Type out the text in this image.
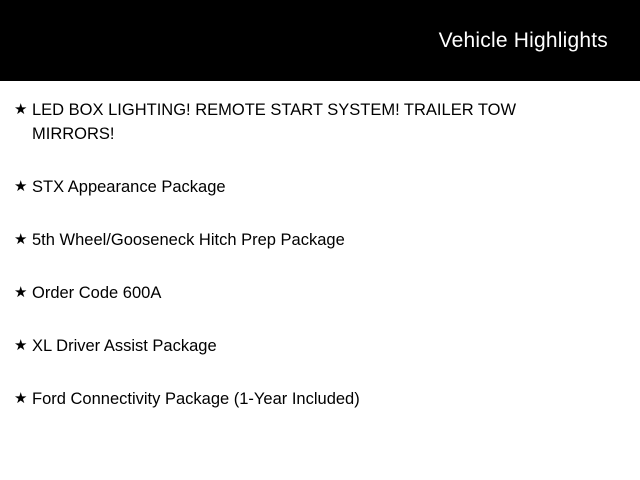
Vehicle Highlights
★ LED BOX LIGHTING! REMOTE START SYSTEM! TRAILER TOW MIRRORS!
★ STX Appearance Package
★ 5th Wheel/Gooseneck Hitch Prep Package
★ Order Code 600A
★ XL Driver Assist Package
★ Ford Connectivity Package (1-Year Included)
